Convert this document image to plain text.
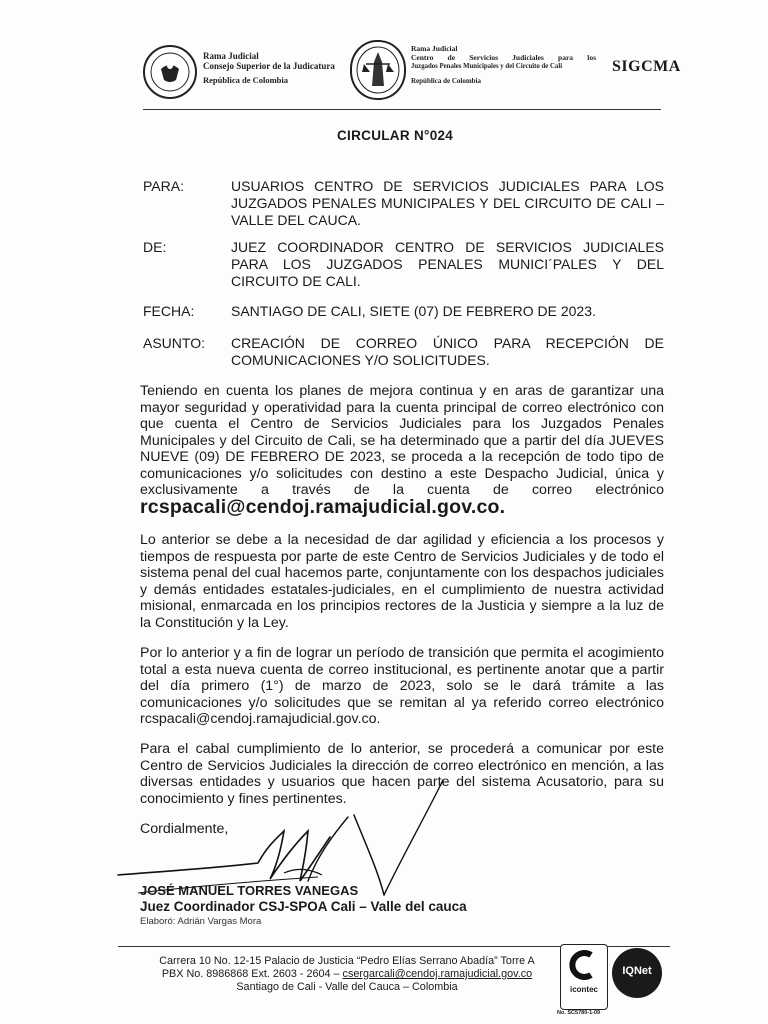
Rama Judicial
Consejo Superior de la Judicatura
República de Colombia
Rama Judicial

Centro de Servicios Judiciales para los
Juzgados Penales Municipales y del Circuito de Cali
República de Colombia
SIGCMA
CIRCULAR N°024
PARA:	USUARIOS CENTRO DE SERVICIOS JUDICIALES PARA LOS JUZGADOS PENALES MUNICIPALES Y DEL CIRCUITO DE CALI – VALLE DEL CAUCA.
DE:	JUEZ COORDINADOR CENTRO DE SERVICIOS JUDICIALES PARA LOS JUZGADOS PENALES MUNICI´PALES Y DEL CIRCUITO DE CALI.
FECHA:	SANTIAGO DE CALI, SIETE (07) DE FEBRERO DE 2023.
ASUNTO: CREACIÓN DE CORREO ÚNICO PARA RECEPCIÓN DE COMUNICACIONES Y/O SOLICITUDES.
Teniendo en cuenta los planes de mejora continua y en aras de garantizar una mayor seguridad y operatividad para la cuenta principal de correo electrónico con que cuenta el Centro de Servicios Judiciales para los Juzgados Penales Municipales y del Circuito de Cali, se ha determinado que a partir del día JUEVES NUEVE (09) DE FEBRERO DE 2023, se proceda a la recepción de todo tipo de comunicaciones y/o solicitudes con destino a este Despacho Judicial, única y exclusivamente a través de la cuenta de correo electrónico
rcspacali@cendoj.ramajudicial.gov.co.
Lo anterior se debe a la necesidad de dar agilidad y eficiencia a los procesos y tiempos de respuesta por parte de este Centro de Servicios Judiciales y de todo el sistema penal del cual hacemos parte, conjuntamente con los despachos judiciales y demás entidades estatales-judiciales, en el cumplimiento de nuestra actividad misional, enmarcada en los principios rectores de la Justicia y siempre a la luz de la Constitución y la Ley.
Por lo anterior y a fin de lograr un período de transición que permita el acogimiento total a esta nueva cuenta de correo institucional, es pertinente anotar que a partir del día primero (1°) de marzo de 2023, solo se le dará trámite a las comunicaciones y/o solicitudes que se remitan al ya referido correo electrónico rcspacali@cendoj.ramajudicial.gov.co.
Para el cabal cumplimiento de lo anterior, se procederá a comunicar por este Centro de Servicios Judiciales la dirección de correo electrónico en mención, a las diversas entidades y usuarios que hacen parte del sistema Acusatorio, para su conocimiento y fines pertinentes.
Cordialmente,
JOSÉ MANUEL TORRES VANEGAS
Juez Coordinador CSJ-SPOA Cali – Valle del cauca
Elaboró: Adrián Vargas Mora
Carrera 10 No. 12-15 Palacio de Justicia “Pedro Elías Serrano Abadía” Torre A
PBX No. 8986868 Ext. 2603 - 2604 – csergarcali@cendoj.ramajudicial.gov.co
Santiago de Cali - Valle del Cauca – Colombia	icontec
No. SC5780-1-09
IQNet
